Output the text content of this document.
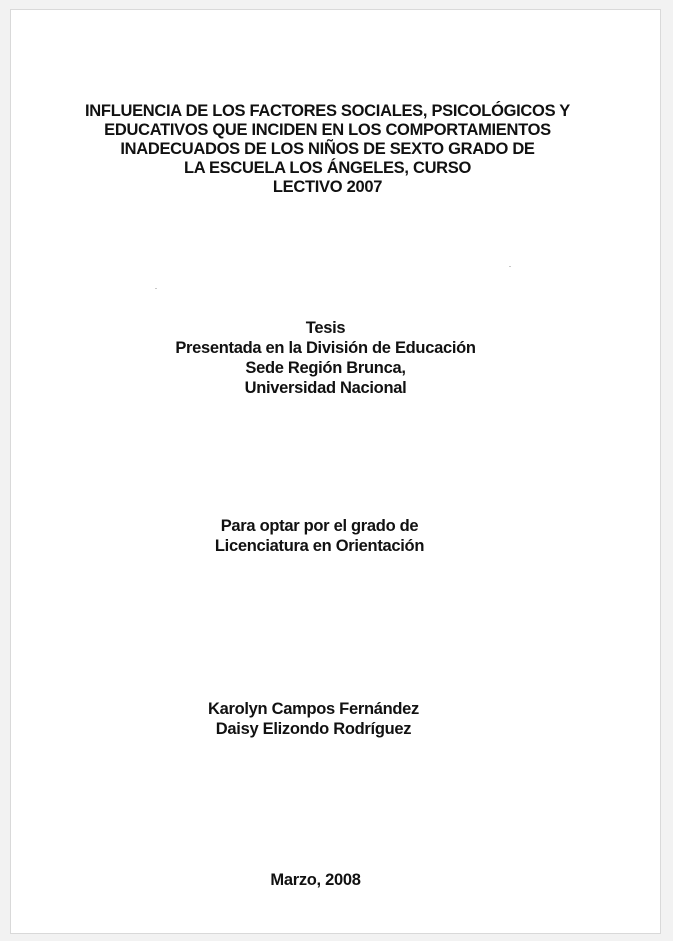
INFLUENCIA DE LOS FACTORES SOCIALES, PSICOLÓGICOS Y
EDUCATIVOS QUE INCIDEN EN LOS COMPORTAMIENTOS
INADECUADOS DE LOS NIÑOS DE SEXTO GRADO DE
LA ESCUELA LOS ÁNGELES, CURSO
LECTIVO 2007
Tesis
Presentada en la División de Educación
Sede Región Brunca,
Universidad Nacional
Para optar por el grado de
Licenciatura en Orientación
Karolyn Campos Fernández
Daisy Elizondo Rodríguez
Marzo, 2008
